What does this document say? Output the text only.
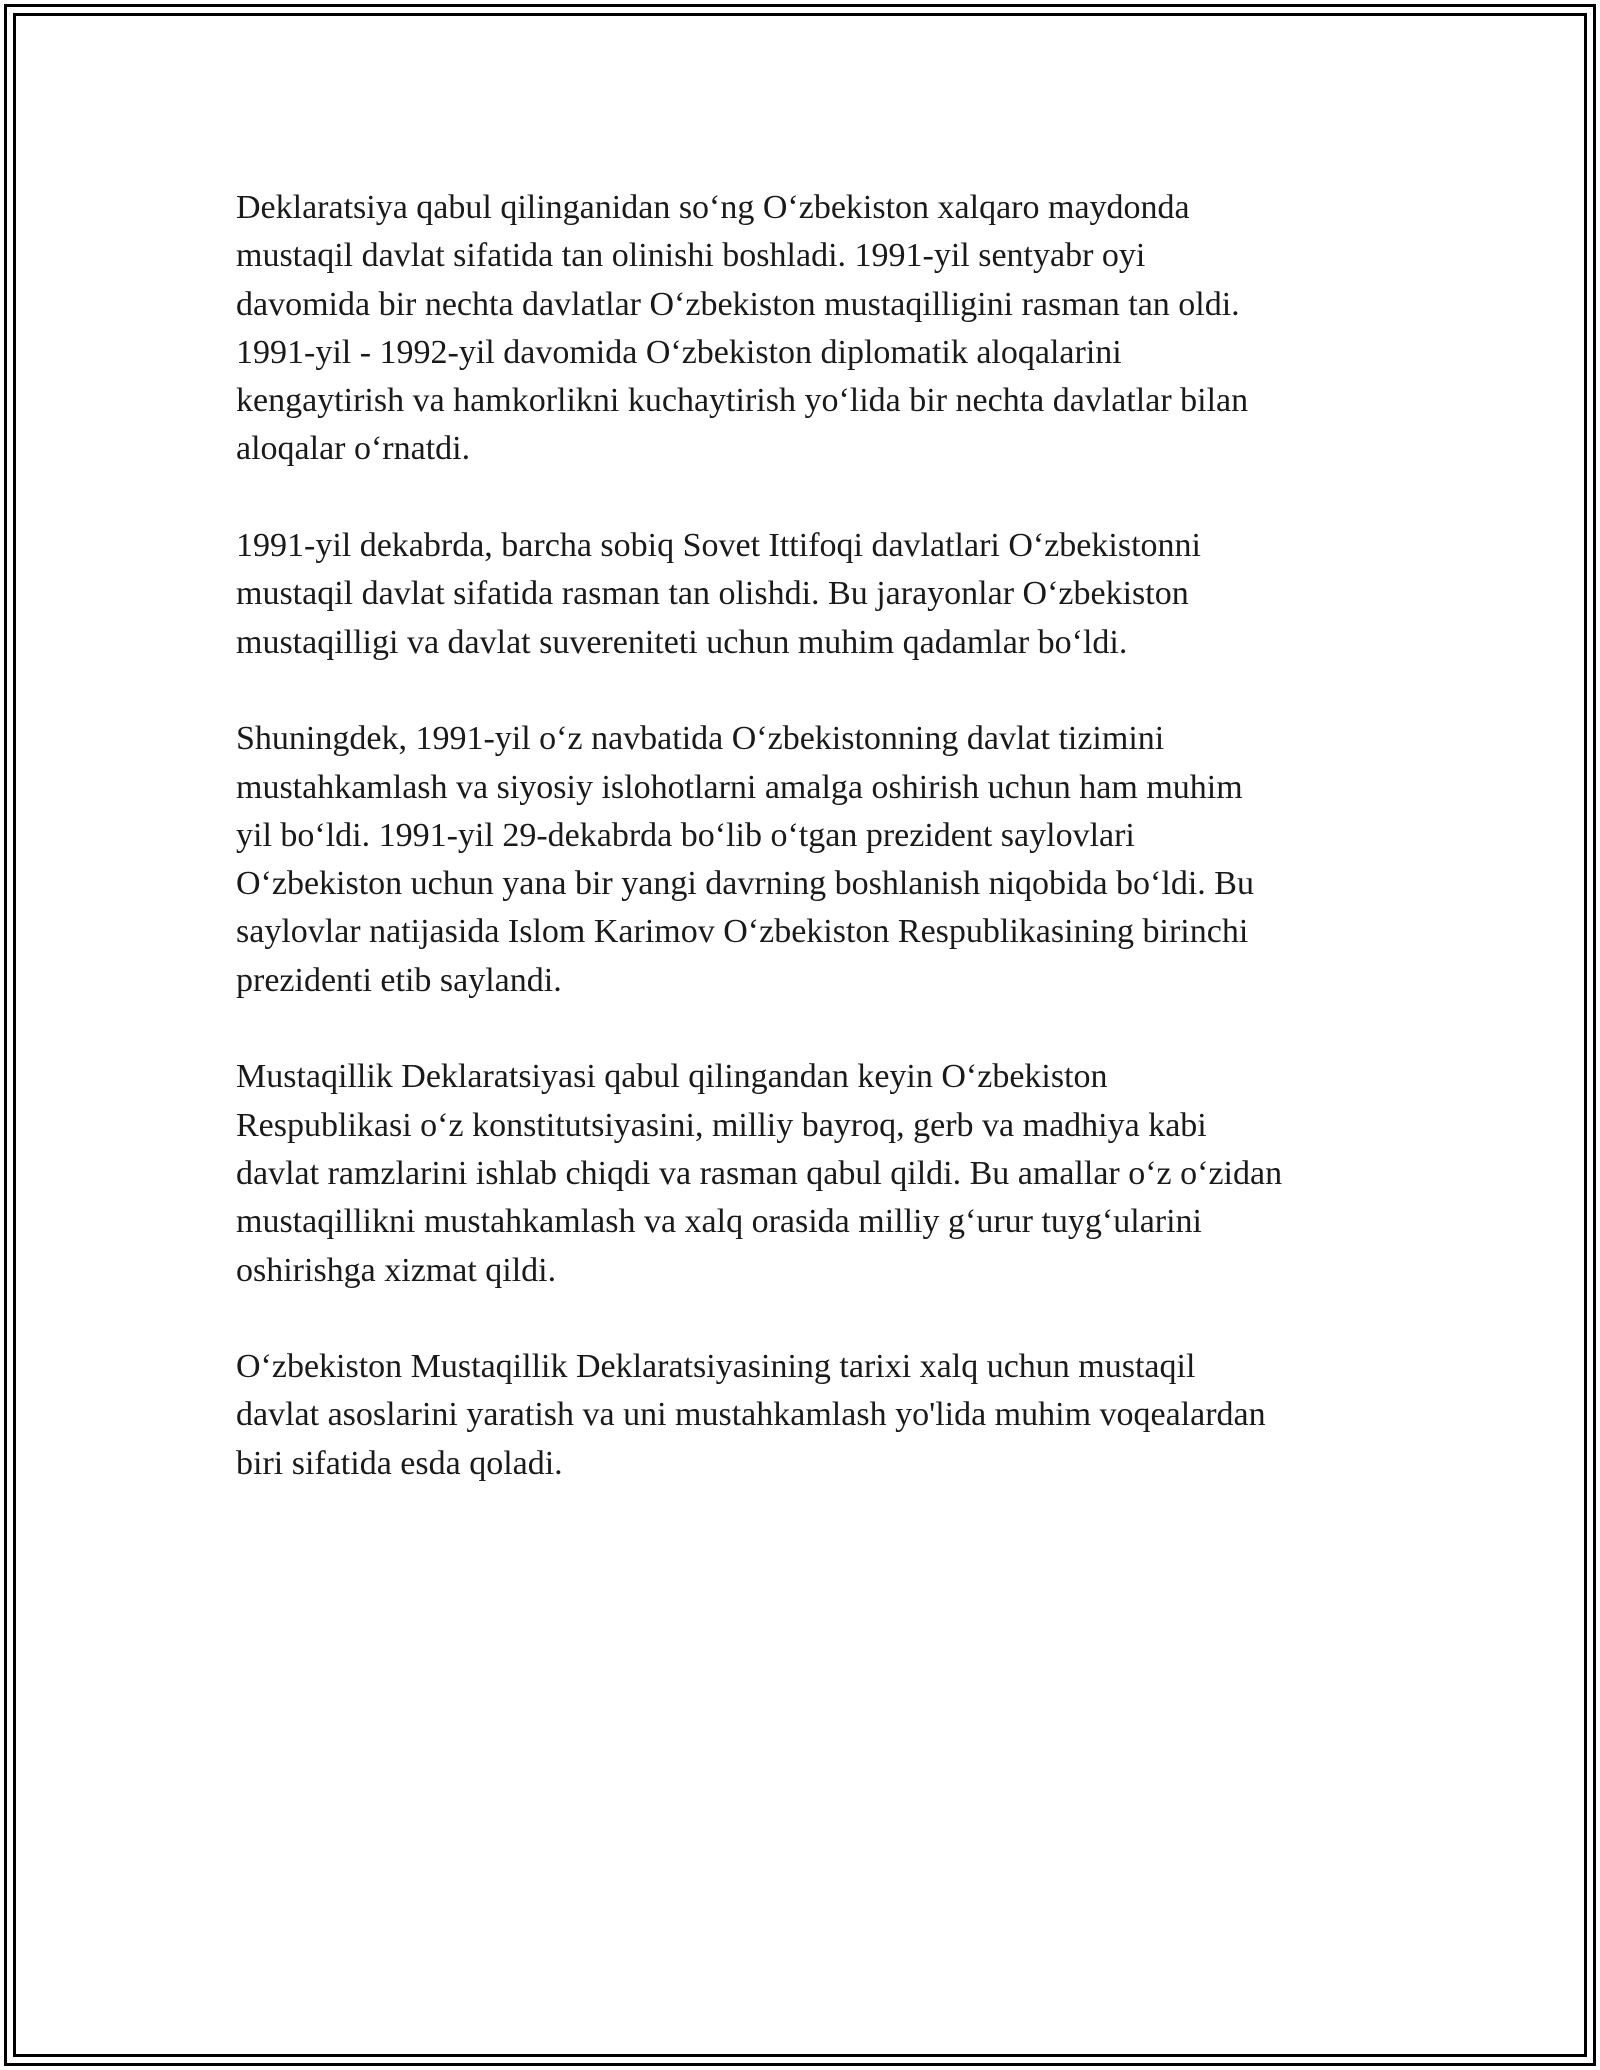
Deklaratsiya qabul qilinganidan so‘ng O‘zbekiston xalqaro maydonda
mustaqil davlat sifatida tan olinishi boshladi. 1991-yil sentyabr oyi
davomida bir nechta davlatlar O‘zbekiston mustaqilligini rasman tan oldi.
1991-yil - 1992-yil davomida O‘zbekiston diplomatik aloqalarini
kengaytirish va hamkorlikni kuchaytirish yo‘lida bir nechta davlatlar bilan
aloqalar o‘rnatdi.

1991-yil dekabrda, barcha sobiq Sovet Ittifoqi davlatlari O‘zbekistonni
mustaqil davlat sifatida rasman tan olishdi. Bu jarayonlar O‘zbekiston
mustaqilligi va davlat suvereniteti uchun muhim qadamlar bo‘ldi.

Shuningdek, 1991-yil o‘z navbatida O‘zbekistonning davlat tizimini
mustahkamlash va siyosiy islohotlarni amalga oshirish uchun ham muhim
yil bo‘ldi. 1991-yil 29-dekabrda bo‘lib o‘tgan prezident saylovlari
O‘zbekiston uchun yana bir yangi davrning boshlanish niqobida bo‘ldi. Bu
saylovlar natijasida Islom Karimov O‘zbekiston Respublikasining birinchi
prezidenti etib saylandi.

Mustaqillik Deklaratsiyasi qabul qilingandan keyin O‘zbekiston
Respublikasi o‘z konstitutsiyasini, milliy bayroq, gerb va madhiya kabi
davlat ramzlarini ishlab chiqdi va rasman qabul qildi. Bu amallar o‘z o‘zidan
mustaqillikni mustahkamlash va xalq orasida milliy g‘urur tuyg‘ularini
oshirishga xizmat qildi.

O‘zbekiston Mustaqillik Deklaratsiyasining tarixi xalq uchun mustaqil
davlat asoslarini yaratish va uni mustahkamlash yo'lida muhim voqealardan
biri sifatida esda qoladi.
